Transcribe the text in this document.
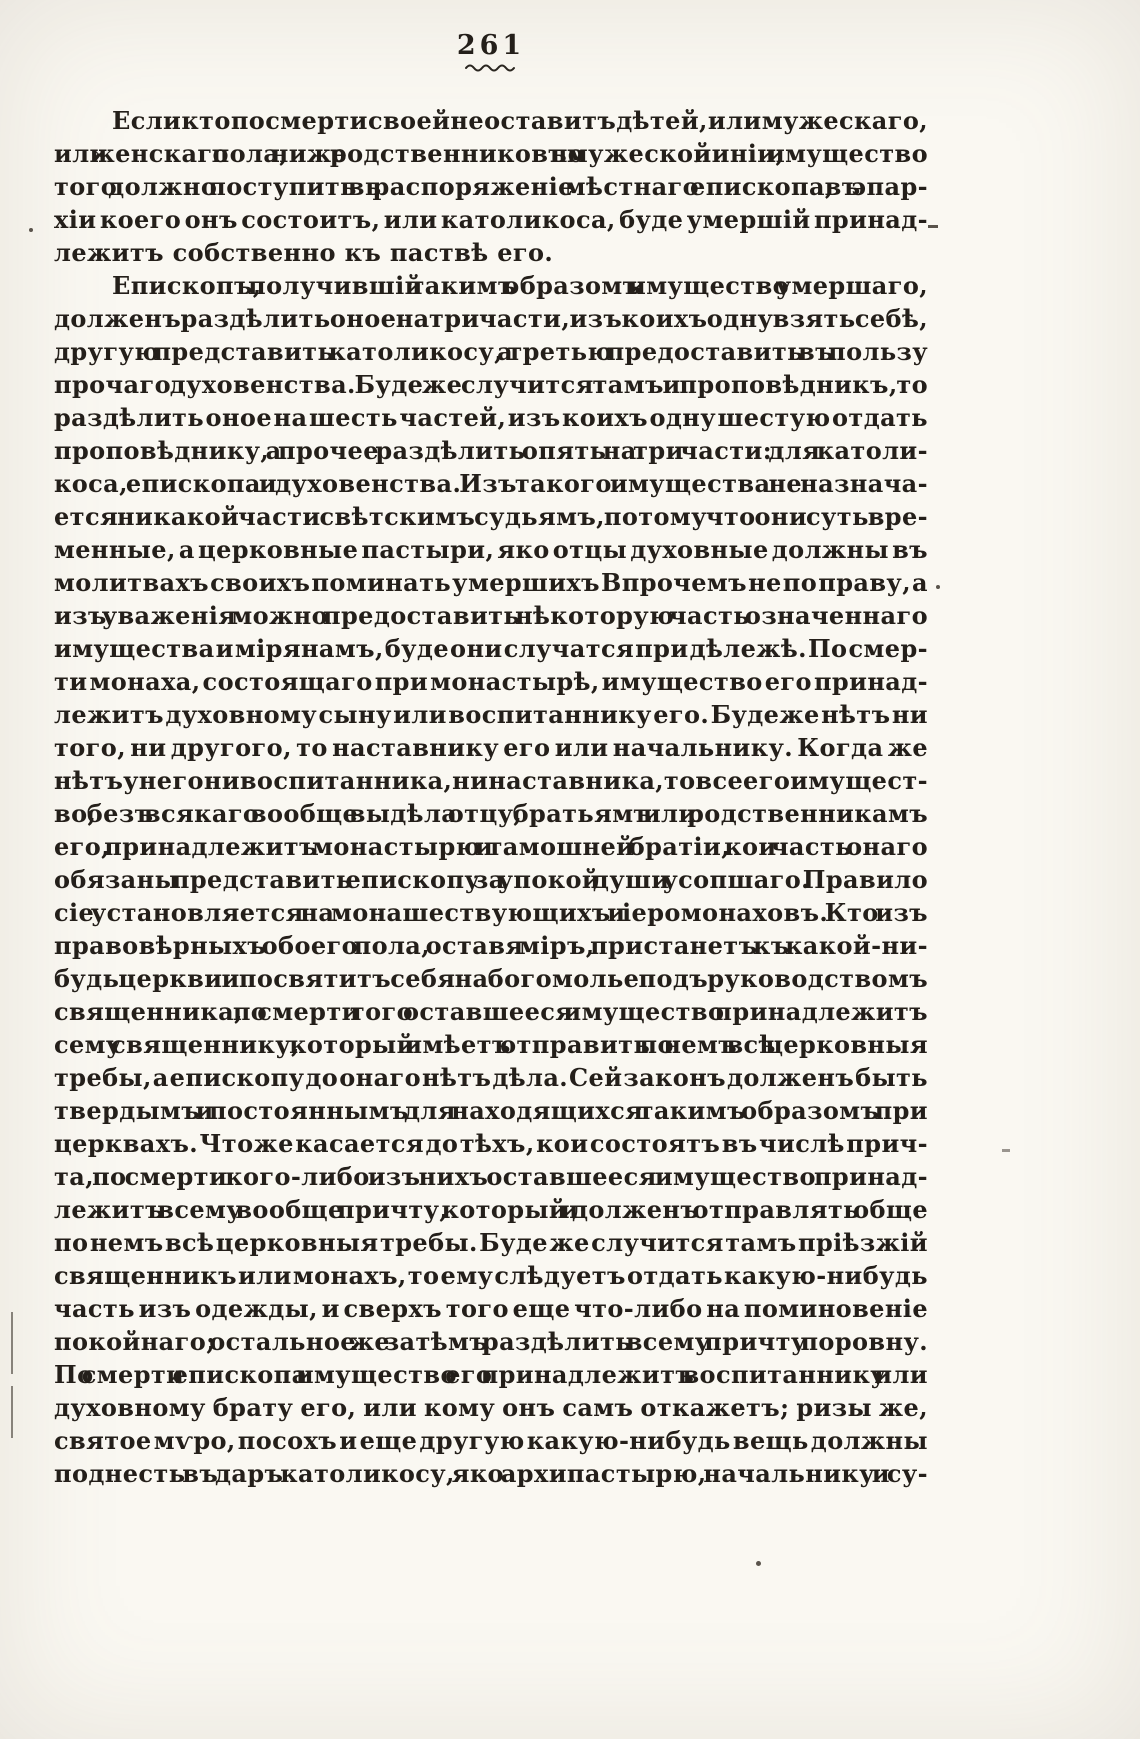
261
Если кто по смерти своей не оставитъ дѣтей, или мужескаго,
или женскаго пола, ниже родственниковъ по мужеской линіи, имущество
того должно поступить вь распоряженіе мѣстнаго епископа, въ эпар-
хіи коего онъ состоитъ, или католикоса, буде умершій принад-
лежитъ собственно къ паствѣ его.
Епископъ, получившій такимъ образомъ имущество умершаго,
долженъ раздѣлить оное на три части, изъ коихъ одну взять себѣ,
другую представить католикосу, а третью предоставить въ пользу
прочаго духовенства. Буде же случится тамъ и проповѣдникъ, то
раздѣлить оное на шесть частей, изъ коихъ одну шестую отдать
проповѣднику, а прочее раздѣлить опять на три части: для католи-
коса, епископа и духовенства. Изъ такого имущества не назнача-
ется никакой части свѣтскимъ судьямъ, потому что они суть вре-
менные, а церковные пастыри, яко отцы духовные должны въ
молитвахъ своихъ поминать умершихъ Впрочемъ не по праву, а
изъ уваженія можно предоставить нѣкоторую часть означеннаго
имущества и мірянамъ, буде они случатся при дѣлежѣ. По смер-
ти монаха, состоящаго при монастырѣ, имущество его принад-
лежитъ духовному сыну или воспитаннику его. Будеже нѣтъ ни
того, ни другого, то наставнику его или начальнику. Когда же
нѣтъ у него ни воспитанника, ни наставника, то все его имущест-
во, безъ всякаго вообще выдѣла отцу, братьямъ или родственникамъ
его, принадлежитъ монастырю и тамошней братіи, кои часть онаго
обязаны представить епископу за упокой души усопшаго. Правило
сіе установляется на монашествующихъ и іеромонаховъ. Кто изъ
правовѣрныхъ обоего пола, оставя міръ, пристанетъ къ какой-ни-
будь церкви и посвятитъ себя на богомолье подъ руководствомъ
священника, по смерти того оставшееся имущество принадлежитъ
сему священнику, который имѣетъ отправить по немъ всѣ церковныя
требы, а епископу до онаго нѣтъ дѣла. Сей законъ долженъ быть
твердымъ и постояннымъ для находящихся такимъ образомъ при
церквахъ. Чтоже касается до тѣхъ, кои состоятъ въ числѣ прич-
та, по смерти кого-либо изъ нихъ оставшееся имущество принад-
лежитъ всему вообще причту, который и долженъ отправлять обще
по немъ всѣ церковныя требы. Буде же случится тамъ пріѣзжій
священникъ или монахъ, то ему слѣдуетъ отдать какую-нибудь
часть изъ одежды, и сверхъ того еще что-либо на поминовеніе
покойнаго; остальное же затѣмъ раздѣлить всему причту поровну.
По смерти епископа имущество его принадлежитъ воспитаннику или
духовному брату его, или кому онъ самъ откажетъ; ризы же,
святое мѵро, посохъ и еще другую какую-нибудь вещь должны
поднесть въ даръ католикосу, яко архипастырю, начальнику и су-
